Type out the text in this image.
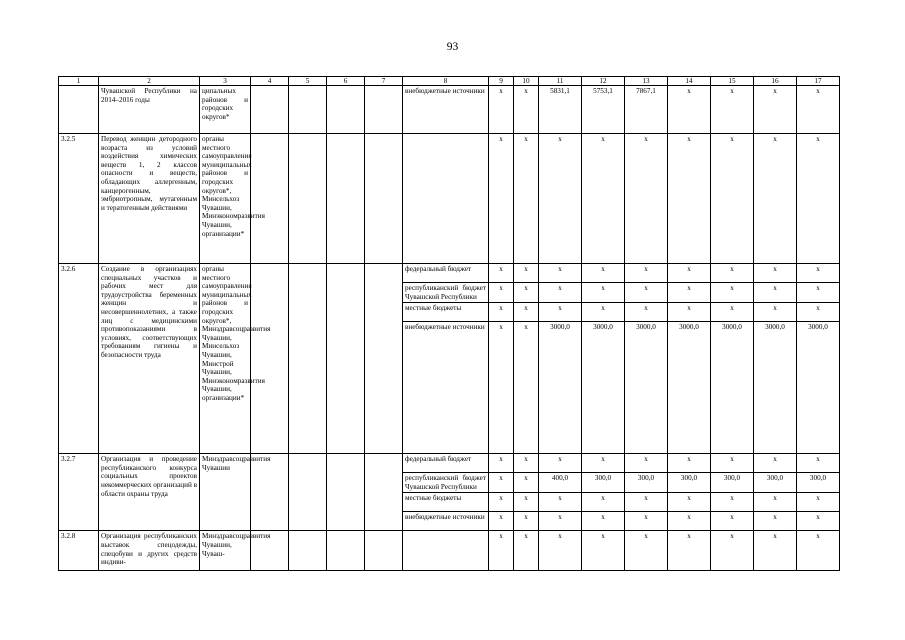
93
1	2	3	4	5	6	7	8	9	10	11	12	13	14	15	16	17
	Чувашской Республики на 2014–2016 годы	ципальных районов и городских округов*					внебюджетные источники	x	x	5831,1	5753,1	7867,1	x	x	x	x
3.2.5	Перевод женщин детородного возраста из условий воздействия химических веществ 1, 2 классов опасности и веществ, обладающих аллергенным, канцерогенным, эмбриотропным, мутагенным и тератогенным действиями	органы местного самоуправления муниципальных районов и городских округов*, Минсельхоз Чувашии, Минэкономразвития Чувашии, организации*						x	x	x	x	x	x	x	x	x
3.2.6	Создание в организациях специальных участков и рабочих мест для трудоустройства беременных женщин и несовершеннолетних, а также лиц с медицинскими противопоказаниями в условиях, соответствующих требованиям гигиены и безопасности труда	органы местного самоуправления муниципальных районов и городских округов*, Минздравсоцразвития Чувашии, Минсельхоз Чувашии, Минстрой Чувашии, Минэкономразвития Чувашии, организации*					федеральный бюджет	x	x	x	x	x	x	x	x	x
							республиканский бюджет Чувашской Республики	x	x	x	x	x	x	x	x	x
							местные бюджеты	x	x	x	x	x	x	x	x	x
							внебюджетные источники	x	x	3000,0	3000,0	3000,0	3000,0	3000,0	3000,0	3000,0
3.2.7	Организация и проведение республиканского конкурса социальных проектов некоммерческих организаций в области охраны труда	Минздравсоцразвития Чувашии					федеральный бюджет	x	x	x	x	x	x	x	x	x
							республиканский бюджет Чувашской Республики	x	x	400,0	300,0	300,0	300,0	300,0	300,0	300,0
							местные бюджеты	x	x	x	x	x	x	x	x	x
							внебюджетные источники	x	x	x	x	x	x	x	x	x
3.2.8	Организация республиканских выставок спецодежды, спецобуви и других средств индиви-	Минздравсоцразвития Чувашии, Чуваш-						x	x	x	x	x	x	x	x	x
